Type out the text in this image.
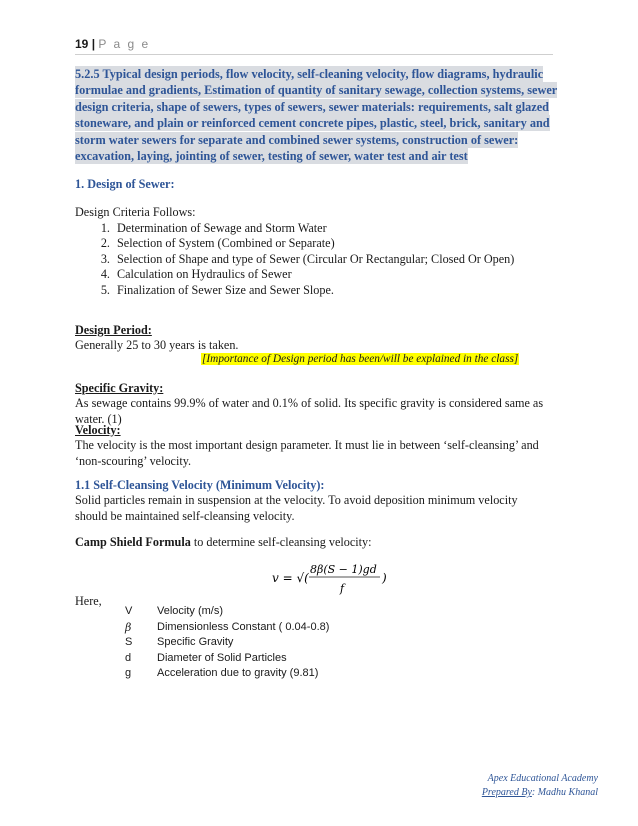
19 | P a g e
5.2.5 Typical design periods, flow velocity, self-cleaning velocity, flow diagrams, hydraulic formulae and gradients, Estimation of quantity of sanitary sewage, collection systems, sewer design criteria, shape of sewers, types of sewers, sewer materials: requirements, salt glazed stoneware, and plain or reinforced cement concrete pipes, plastic, steel, brick, sanitary and storm water sewers for separate and combined sewer systems, construction of sewer: excavation, laying, jointing of sewer, testing of sewer, water test and air test
1. Design of Sewer:
Design Criteria Follows:
1. Determination of Sewage and Storm Water
2. Selection of System (Combined or Separate)
3. Selection of Shape and type of Sewer (Circular Or Rectangular; Closed Or Open)
4. Calculation on Hydraulics of Sewer
5. Finalization of Sewer Size and Sewer Slope.
Design Period:
Generally 25 to 30 years is taken.
[Importance of Design period has been/will be explained in the class]
Specific Gravity:
As sewage contains 99.9% of water and 0.1% of solid. Its specific gravity is considered same as water. (1)
Velocity:
The velocity is the most important design parameter. It must lie in between ‘self-cleansing’ and ‘non-scouring’ velocity.
1.1 Self-Cleansing Velocity (Minimum Velocity):
Solid particles remain in suspension at the velocity. To avoid deposition minimum velocity should be maintained self-cleansing velocity.
Camp Shield Formula to determine self-cleansing velocity:
v = √(
8β(S − 1)gd
f
)
Here,
V	Velocity (m/s)
β	Dimensionless Constant ( 0.04-0.8)
S	Specific Gravity
d	Diameter of Solid Particles
g	Acceleration due to gravity (9.81)
Apex Educational Academy
Prepared By: Madhu Khanal
